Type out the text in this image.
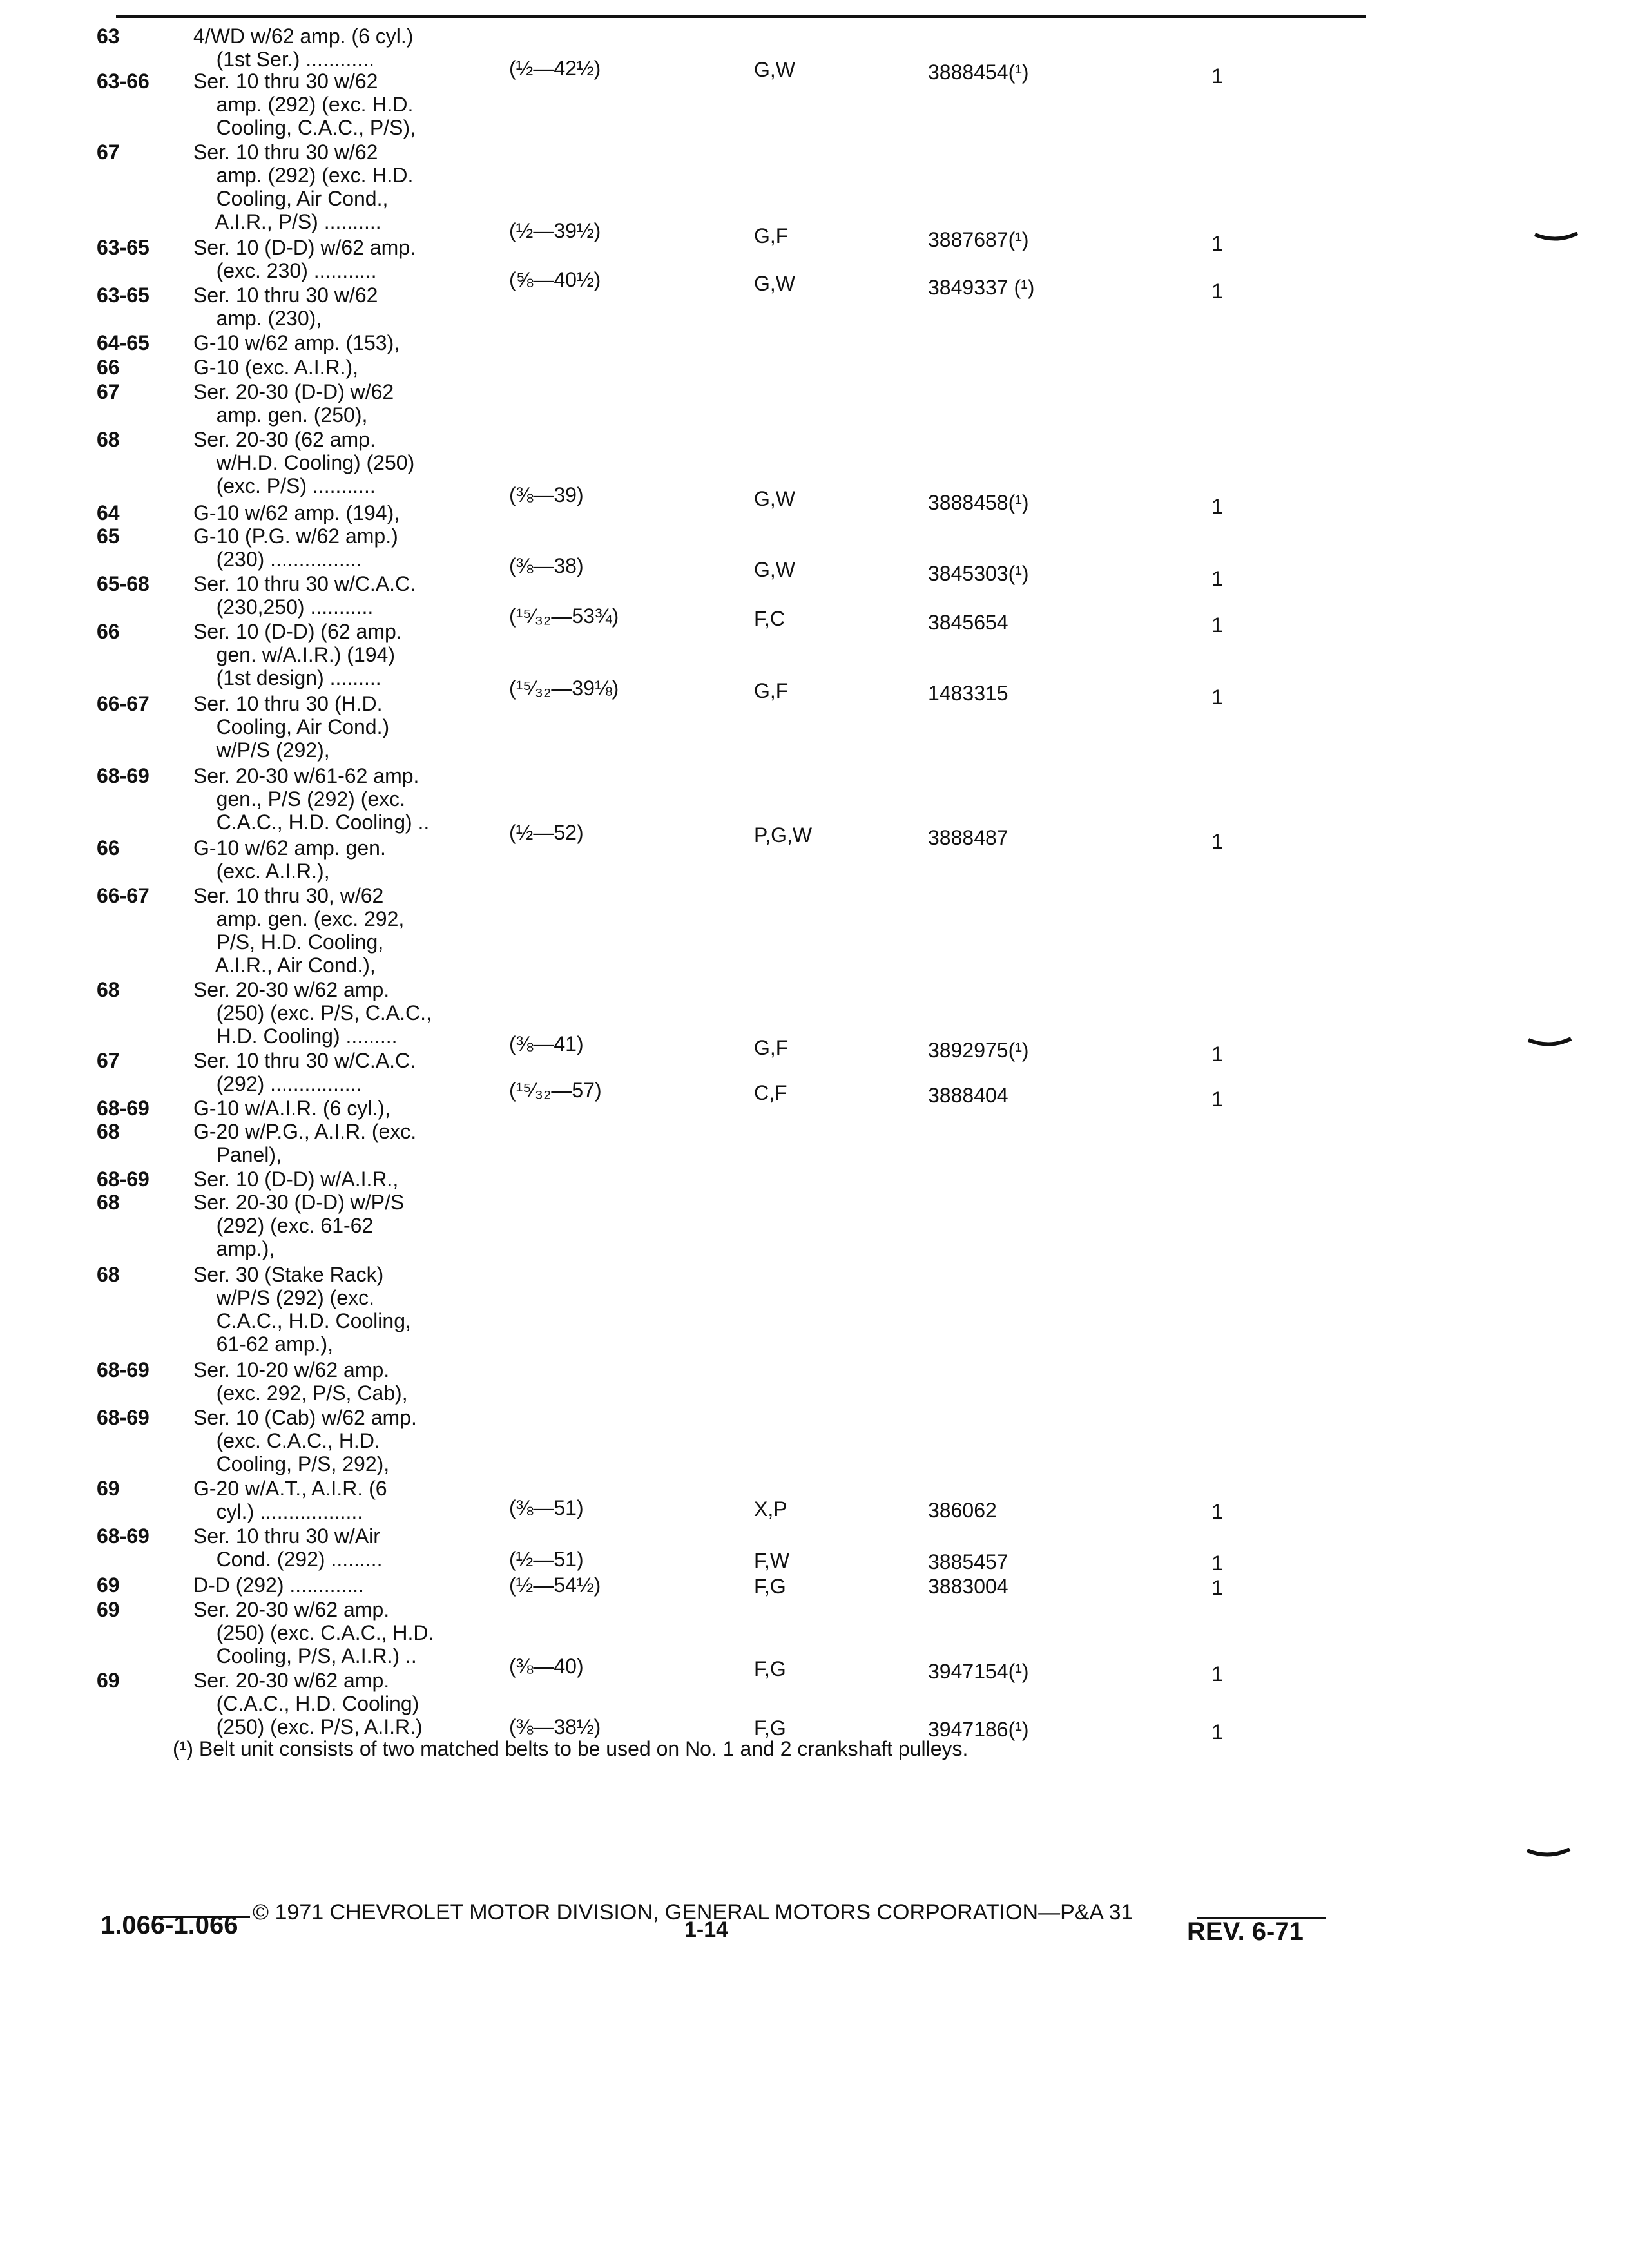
63	4/WD w/62 amp. (6 cyl.)
(1st Ser.) ............	(½—42½)	G,W	3888454(¹)	1
63-66	Ser. 10 thru 30 w/62
amp. (292) (exc. H.D.
Cooling, C.A.C., P/S),
67	Ser. 10 thru 30 w/62
amp. (292) (exc. H.D.
Cooling, Air Cond.,
A.I.R., P/S) ..........	(½—39½)	G,F	3887687(¹)	1
63-65	Ser. 10 (D-D) w/62 amp.
(exc. 230) ...........	(⅝—40½)	G,W	3849337 (¹)	1
63-65	Ser. 10 thru 30 w/62
amp. (230),
64-65	G-10 w/62 amp. (153),
66	G-10 (exc. A.I.R.),
67	Ser. 20-30 (D-D) w/62
amp. gen. (250),
68	Ser. 20-30 (62 amp.
w/H.D. Cooling) (250)
(exc. P/S) ...........	(⅜—39)	G,W	3888458(¹)	1
64	G-10 w/62 amp. (194),
65	G-10 (P.G. w/62 amp.)
(230) ................	(⅜—38)	G,W	3845303(¹)	1
65-68	Ser. 10 thru 30 w/C.A.C.
(230,250) ...........	(¹⁵⁄₃₂—53¾)	F,C	3845654	1
66	Ser. 10 (D-D) (62 amp.
gen. w/A.I.R.) (194)
(1st design) .........	(¹⁵⁄₃₂—39⅛)	G,F	1483315	1
66-67	Ser. 10 thru 30 (H.D.
Cooling, Air Cond.)
w/P/S (292),
68-69	Ser. 20-30 w/61-62 amp.
gen., P/S (292) (exc.
C.A.C., H.D. Cooling) ..	(½—52)	P,G,W	3888487	1
66	G-10 w/62 amp. gen.
(exc. A.I.R.),
66-67	Ser. 10 thru 30, w/62
amp. gen. (exc. 292,
P/S, H.D. Cooling,
A.I.R., Air Cond.),
68	Ser. 20-30 w/62 amp.
(250) (exc. P/S, C.A.C.,
H.D. Cooling) .........	(⅜—41)	G,F	3892975(¹)	1
67	Ser. 10 thru 30 w/C.A.C.
(292) ................	(¹⁵⁄₃₂—57)	C,F	3888404	1
68-69	G-10 w/A.I.R. (6 cyl.),
68	G-20 w/P.G., A.I.R. (exc.
Panel),
68-69	Ser. 10 (D-D) w/A.I.R.,
68	Ser. 20-30 (D-D) w/P/S
(292) (exc. 61-62
amp.),
68	Ser. 30 (Stake Rack)
w/P/S (292) (exc.
C.A.C., H.D. Cooling,
61-62 amp.),
68-69	Ser. 10-20 w/62 amp.
(exc. 292, P/S, Cab),
68-69	Ser. 10 (Cab) w/62 amp.
(exc. C.A.C., H.D.
Cooling, P/S, 292),
69	G-20 w/A.T., A.I.R. (6
cyl.) ..................	(⅜—51)	X,P	386062	1
68-69	Ser. 10 thru 30 w/Air
Cond. (292) .........	(½—51)	F,W	3885457	1
69	D-D (292) .............	(½—54½)	F,G	3883004	1
69	Ser. 20-30 w/62 amp.
(250) (exc. C.A.C., H.D.
Cooling, P/S, A.I.R.) ..	(⅜—40)	F,G	3947154(¹)	1
69	Ser. 20-30 w/62 amp.
(C.A.C., H.D. Cooling)
(250) (exc. P/S, A.I.R.)	(⅜—38½)	F,G	3947186(¹)	1
(¹) Belt unit consists of two matched belts to be used on No. 1 and 2 crankshaft pulleys.
© 1971 CHEVROLET MOTOR DIVISION, GENERAL MOTORS CORPORATION—P&A 31
1.066-1.066	1-14	REV. 6-71
